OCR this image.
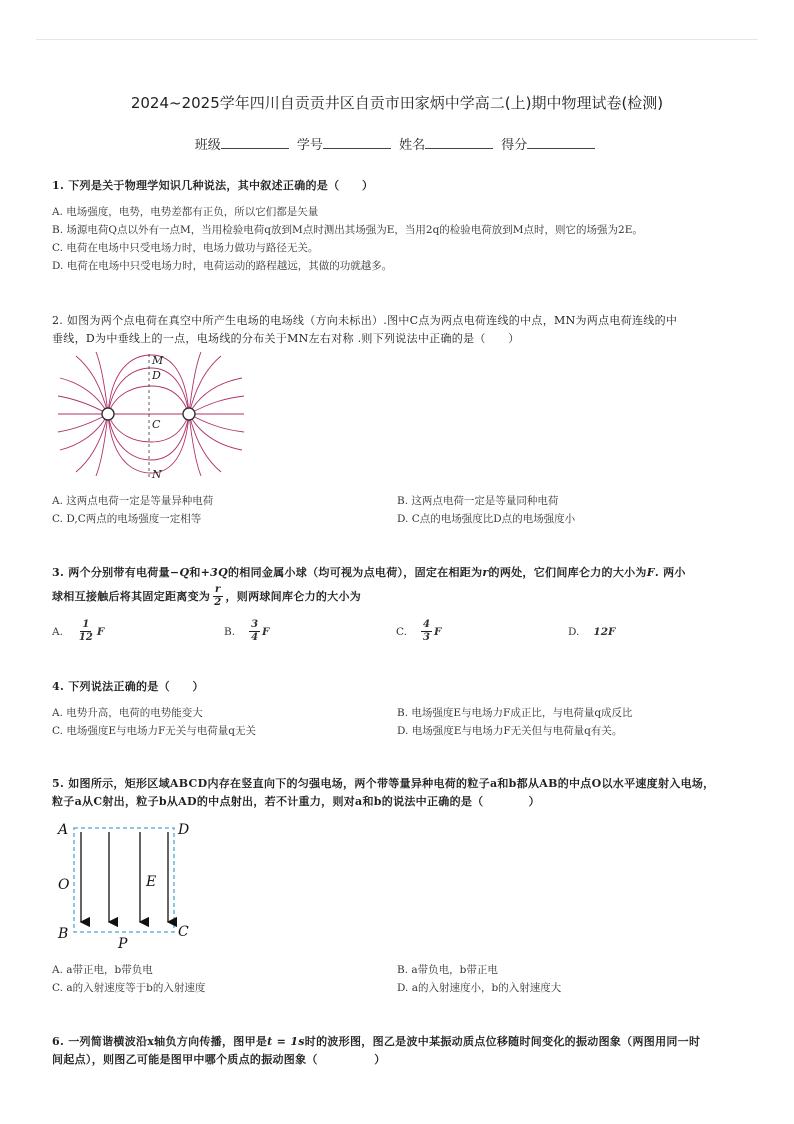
2024~2025学年四川自贡贡井区自贡市田家炳中学高二(上)期中物理试卷(检测)
班级	学号	姓名	得分
1. 下列是关于物理学知识几种说法，其中叙述正确的是（　　）
A. 电场强度，电势，电势差都有正负，所以它们都是矢量
B. 场源电荷Q点以外有一点M，当用检验电荷q放到M点时测出其场强为E，当用2q的检验电荷放到M点时，则它的场强为2E。
C. 电荷在电场中只受电场力时，电场力做功与路径无关。
D. 电荷在电场中只受电场力时，电荷运动的路程越远，其做的功就越多。
2. 如图为两个点电荷在真空中所产生电场的电场线（方向未标出）.图中C点为两点电荷连线的中点，MN为两点电荷连线的中
垂线，D为中垂线上的一点，电场线的分布关于MN左右对称 .则下列说法中正确的是（　　）
M
D
C
N
A. 这两点电荷一定是等量异种电荷	B. 这两点电荷一定是等量同种电荷
C. D,C两点的电场强度一定相等	D. C点的电场强度比D点的电场强度小
3. 两个分别带有电荷量−Q和+3Q的相同金属小球（均可视为点电荷），固定在相距为r的两处，它们间库仑力的大小为F. 两小
球相互接触后将其固定距离变为 $\frac{r}{2}$ ，则两球间库仑力的大小为
A. $\frac{1}{12}$ F	B. $\frac{3}{4}$ F	C. $\frac{4}{3}$ F	D. 12F
4. 下列说法正确的是（　　）
A. 电势升高，电荷的电势能变大	B. 电场强度E与电场力F成正比，与电荷量q成反比
C. 电场强度E与电场力F无关与电荷量q无关	D. 电场强度E与电场力F无关但与电荷量q有关。
5. 如图所示，矩形区域ABCD内存在竖直向下的匀强电场，两个带等量异种电荷的粒子a和b都从AB的中点O以水平速度射入电场，
粒子a从C射出，粒子b从AD的中点射出，若不计重力，则对a和b的说法中正确的是（　　　　）
A	D
O	E
B	C
P
A. a带正电，b带负电	B. a带负电，b带正电
C. a的入射速度等于b的入射速度	D. a的入射速度小，b的入射速度大
6. 一列简谐横波沿x轴负方向传播，图甲是t = 1s时的波形图，图乙是波中某振动质点位移随时间变化的振动图象（两图用同一时
间起点），则图乙可能是图甲中哪个质点的振动图象（　　　　　）
